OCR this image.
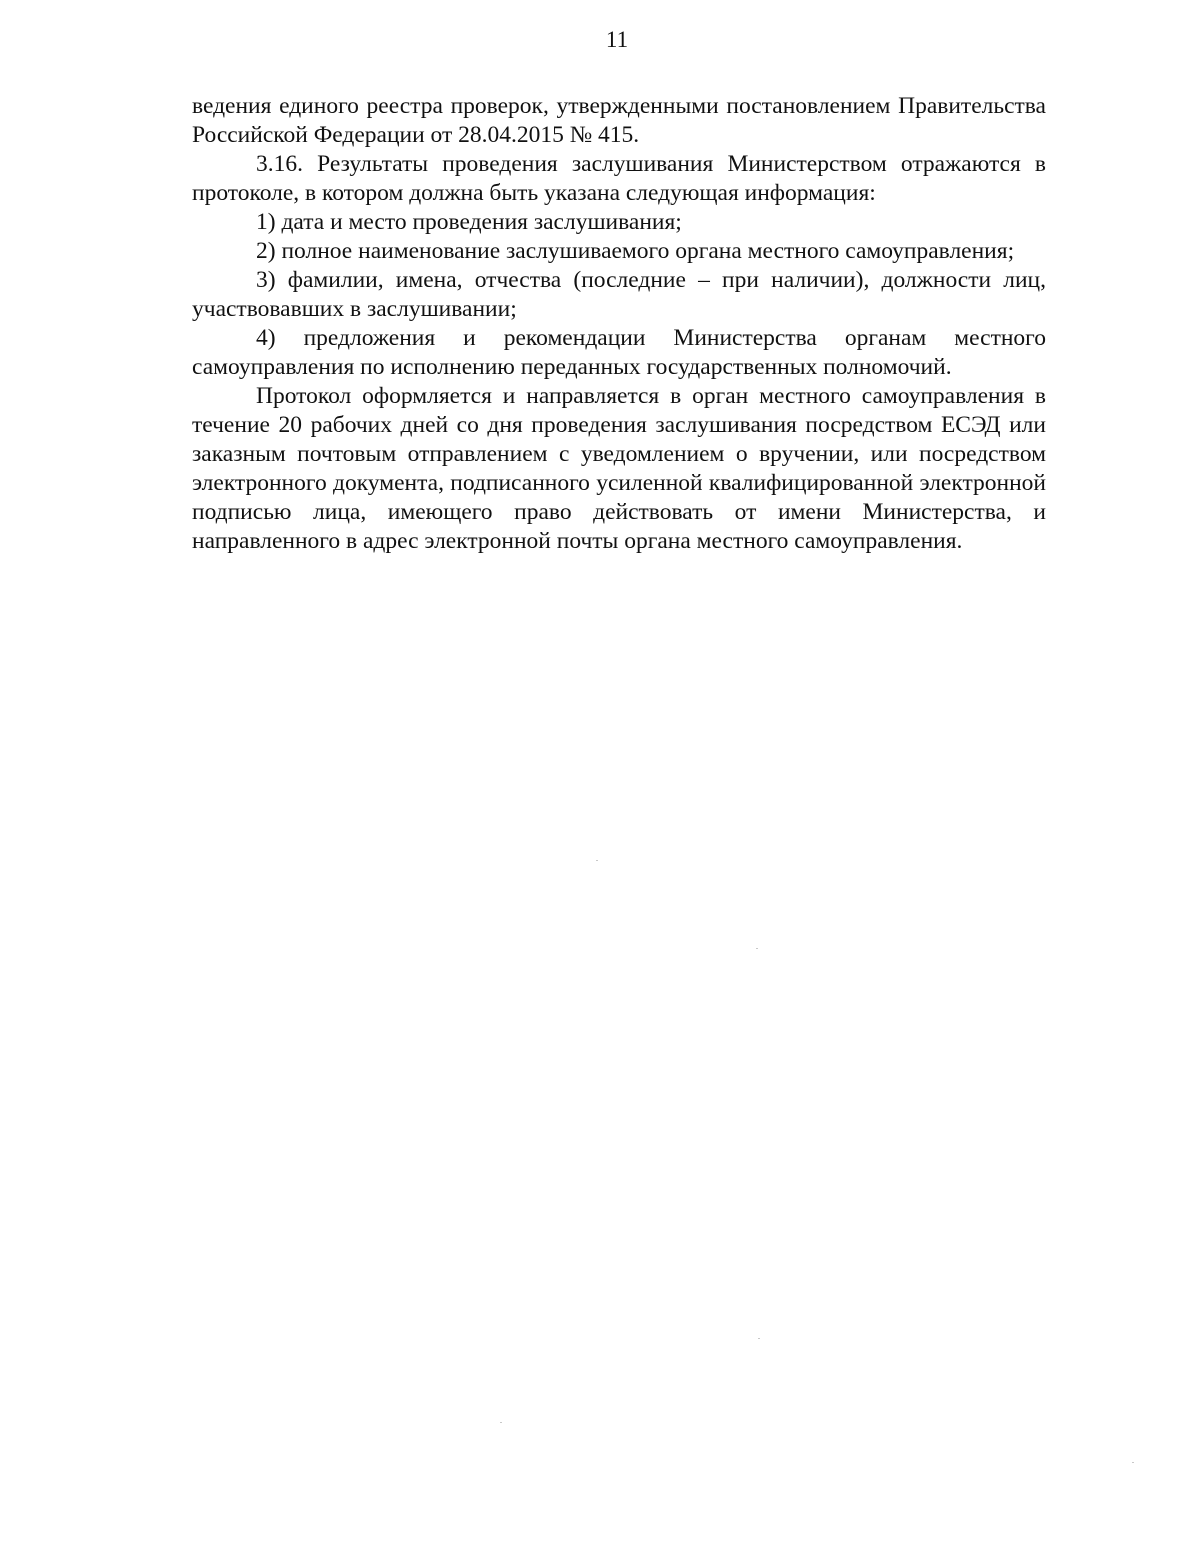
11

ведения единого реестра проверок, утвержденными постановлением Правительства Российской Федерации от 28.04.2015 № 415.

3.16. Результаты проведения заслушивания Министерством отражаются в протоколе, в котором должна быть указана следующая информация:

1) дата и место проведения заслушивания;

2) полное наименование заслушиваемого органа местного самоуправления;

3) фамилии, имена, отчества (последние – при наличии), должности лиц, участвовавших в заслушивании;

4) предложения и рекомендации Министерства органам местного самоуправления по исполнению переданных государственных полномочий.

Протокол оформляется и направляется в орган местного самоуправления в течение 20 рабочих дней со дня проведения заслушивания посредством ЕСЭД или заказным почтовым отправлением с уведомлением о вручении, или посредством электронного документа, подписанного усиленной квалифицированной электронной подписью лица, имеющего право действовать от имени Министерства, и направленного в адрес электронной почты органа местного самоуправления.
